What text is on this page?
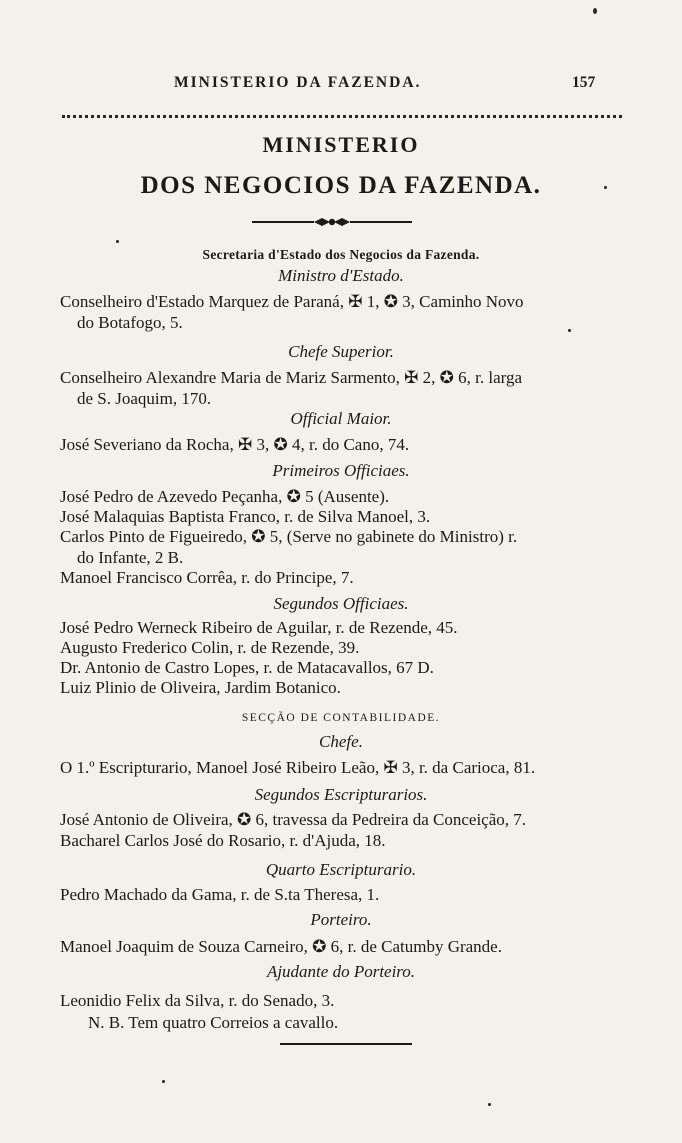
MINISTERIO DA FAZENDA.	157
MINISTERIO
DOS NEGOCIOS DA FAZENDA.
Secretaria d'Estado dos Negocios da Fazenda.
Ministro d'Estado.
Conselheiro d'Estado Marquez de Paraná, ✠ 1, ✪ 3, Caminho Novo
do Botafogo, 5.
Chefe Superior.
Conselheiro Alexandre Maria de Mariz Sarmento, ✠ 2, ✪ 6, r. larga
de S. Joaquim, 170.
Official Maior.
José Severiano da Rocha, ✠ 3, ✪ 4, r. do Cano, 74.
Primeiros Officiaes.
José Pedro de Azevedo Peçanha, ✪ 5 (Ausente).
José Malaquias Baptista Franco, r. de Silva Manoel, 3.
Carlos Pinto de Figueiredo, ✪ 5, (Serve no gabinete do Ministro) r.
do Infante, 2 B.
Manoel Francisco Corrêa, r. do Principe, 7.
Segundos Officiaes.
José Pedro Werneck Ribeiro de Aguilar, r. de Rezende, 45.
Augusto Frederico Colin, r. de Rezende, 39.
Dr. Antonio de Castro Lopes, r. de Matacavallos, 67 D.
Luiz Plinio de Oliveira, Jardim Botanico.
SECÇÃO DE CONTABILIDADE.
Chefe.
O 1.º Escripturario, Manoel José Ribeiro Leão, ✠ 3, r. da Carioca, 81.
Segundos Escripturarios.
José Antonio de Oliveira, ✪ 6, travessa da Pedreira da Conceição, 7.
Bacharel Carlos José do Rosario, r. d'Ajuda, 18.
Quarto Escripturario.
Pedro Machado da Gama, r. de S.ta Theresa, 1.
Porteiro.
Manoel Joaquim de Souza Carneiro, ✪ 6, r. de Catumby Grande.
Ajudante do Porteiro.
Leonidio Felix da Silva, r. do Senado, 3.
N. B. Tem quatro Correios a cavallo.
